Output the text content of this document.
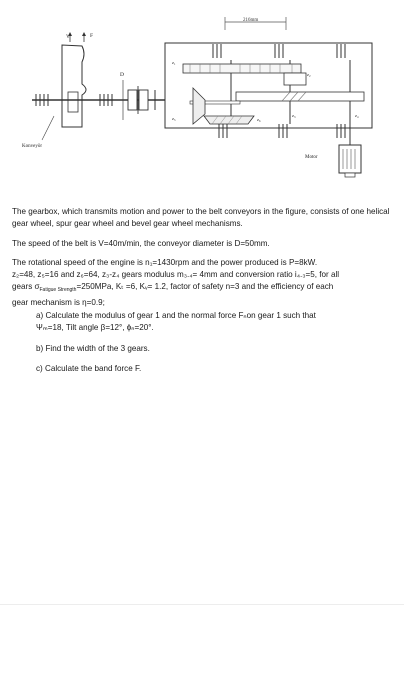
216mm
V	F
D
Konveyör
z₁
z₂
z₃	z₄
z₅	z₆
Motor

The gearbox, which transmits motion and power to the belt conveyors in the figure, consists of one helical gear wheel, spur gear wheel and bevel gear wheel mechanisms.

The speed of the belt is V=40m/min, the conveyor diameter is D=50mm.

The rotational speed of the engine is n₁=1430rpm and the power produced is P=8kW.
z₂=48, z₅=16 and z₆=64, z₃-z₄ gears modulus m₃.₄= 4mm and conversion ratio i₄.₃=5, for all
gears $\sigma_{Fatigue Strength}=250MPa$, Kₜ =6, Kᵥ= 1.2, factor of safety n=3 and the efficiency of each
gear mechanism is η=0.9;

a) Calculate the modulus of gear 1 and the normal force Fₙon gear 1 such that
Ψₘ=18, Tilt angle β=12°, ɸₙ=20°.

b) Find the width of the 3 gears.

c) Calculate the band force F.
